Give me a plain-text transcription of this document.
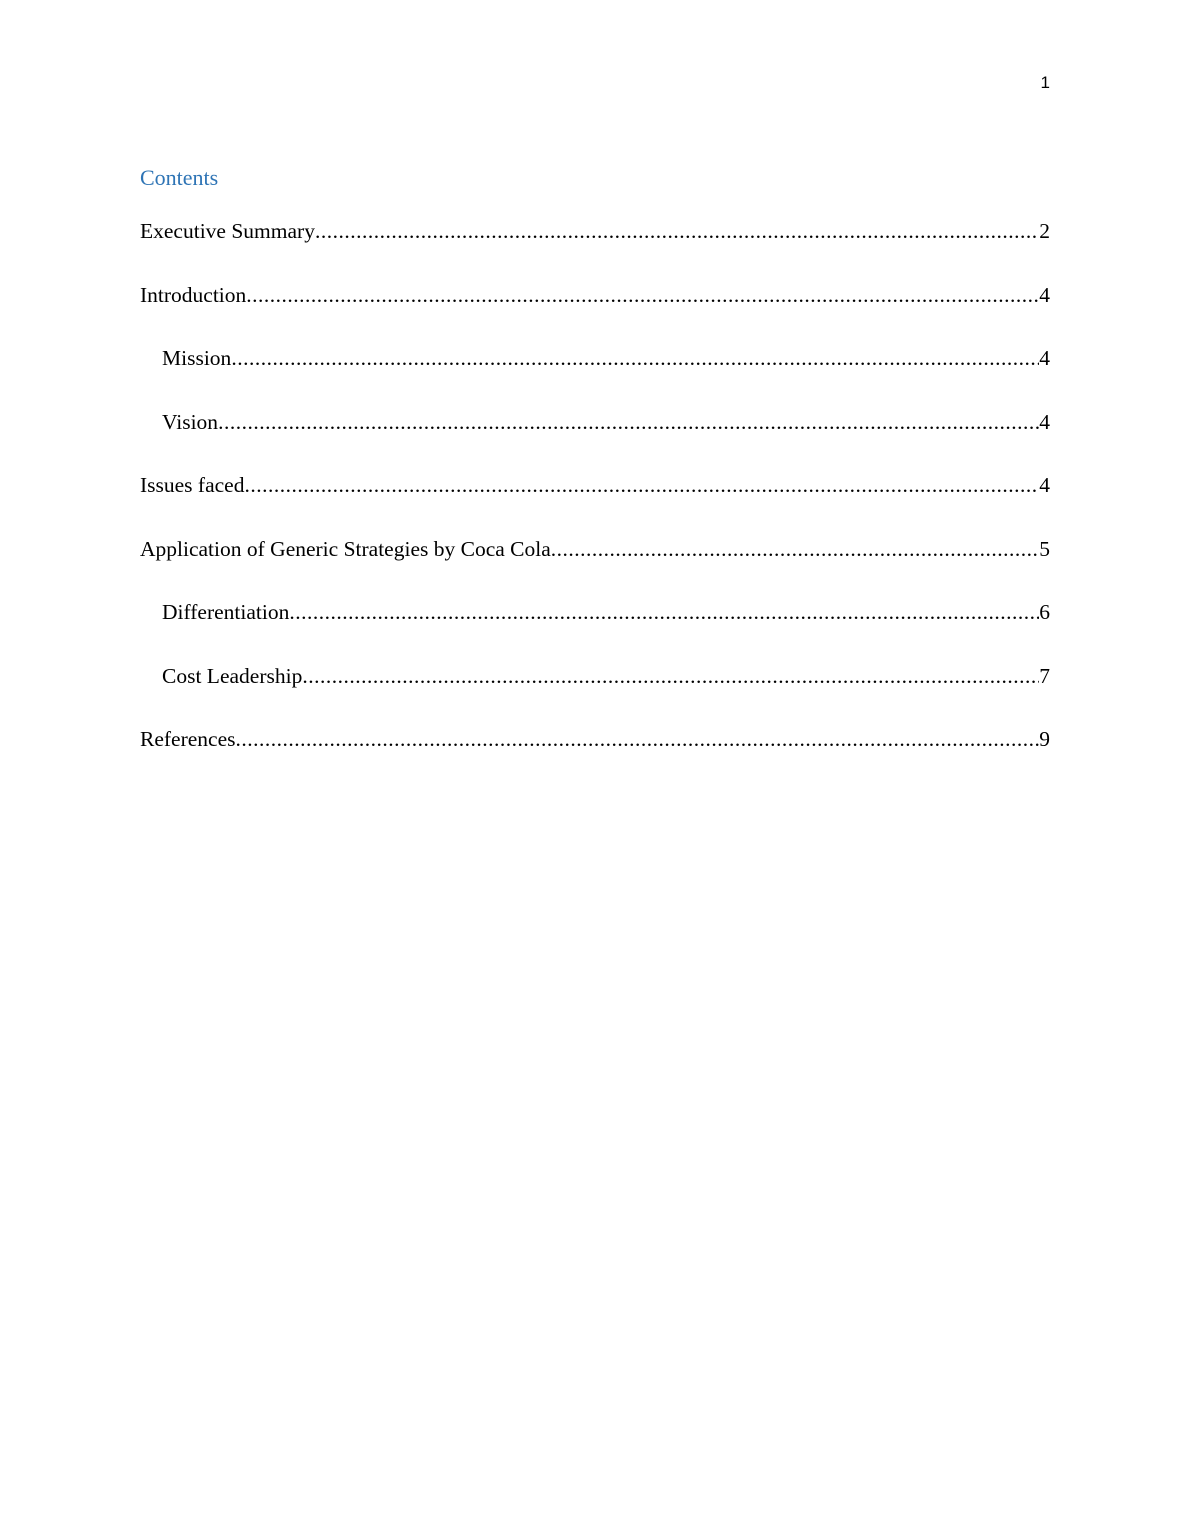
1
Contents
Executive Summary .....	2
Introduction .....	4
Mission .....	4
Vision .....	4
Issues faced .....	4
Application of Generic Strategies by Coca Cola .....	5
Differentiation .....	6
Cost Leadership .....	7
References .....	9
